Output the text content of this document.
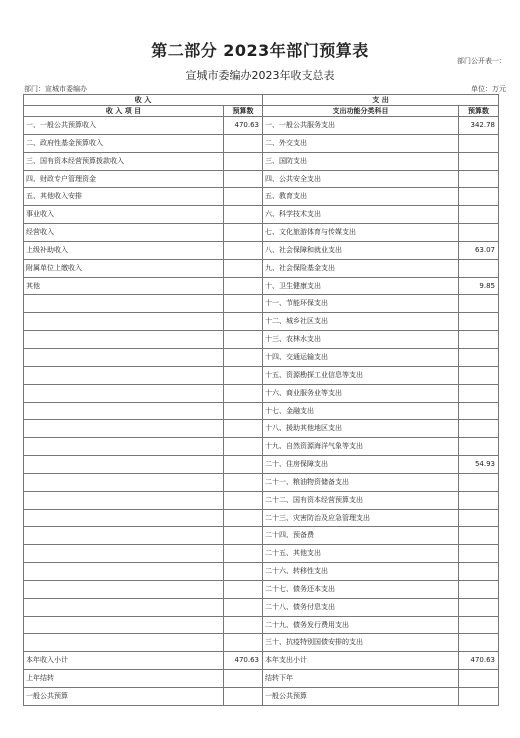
第二部分 2023年部门预算表
部门公开表一：
宣城市委编办2023年收支总表
部门：宣城市委编办	单位：万元
收 入		支 出	
收 入 项 目	预算数	支出功能分类科目	预算数
一、一般公共预算收入	470.63	一、一般公共服务支出	342.78
二、政府性基金预算收入		二、外交支出	
三、国有资本经营预算拨款收入		三、国防支出	
四、财政专户管理资金		四、公共安全支出	
五、其他收入安排		五、教育支出	
事业收入		六、科学技术支出	
经营收入		七、文化旅游体育与传媒支出	
上级补助收入		八、社会保障和就业支出	63.07
附属单位上缴收入		九、社会保险基金支出	
其他		十、卫生健康支出	9.85
		十一、节能环保支出	
		十二、城乡社区支出	
		十三、农林水支出	
		十四、交通运输支出	
		十五、资源勘探工业信息等支出	
		十六、商业服务业等支出	
		十七、金融支出	
		十八、援助其他地区支出	
		十九、自然资源海洋气象等支出	
		二十、住房保障支出	54.93
		二十一、粮油物资储备支出	
		二十二、国有资本经营预算支出	
		二十三、灾害防治及应急管理支出	
		二十四、预备费	
		二十五、其他支出	
		二十六、转移性支出	
		二十七、债务还本支出	
		二十八、债务付息支出	
		二十九、债务发行费用支出	
		三十、抗疫特别国债安排的支出	
本年收入小计	470.63	本年支出小计	470.63
上年结转		结转下年	
一般公共预算		一般公共预算	
